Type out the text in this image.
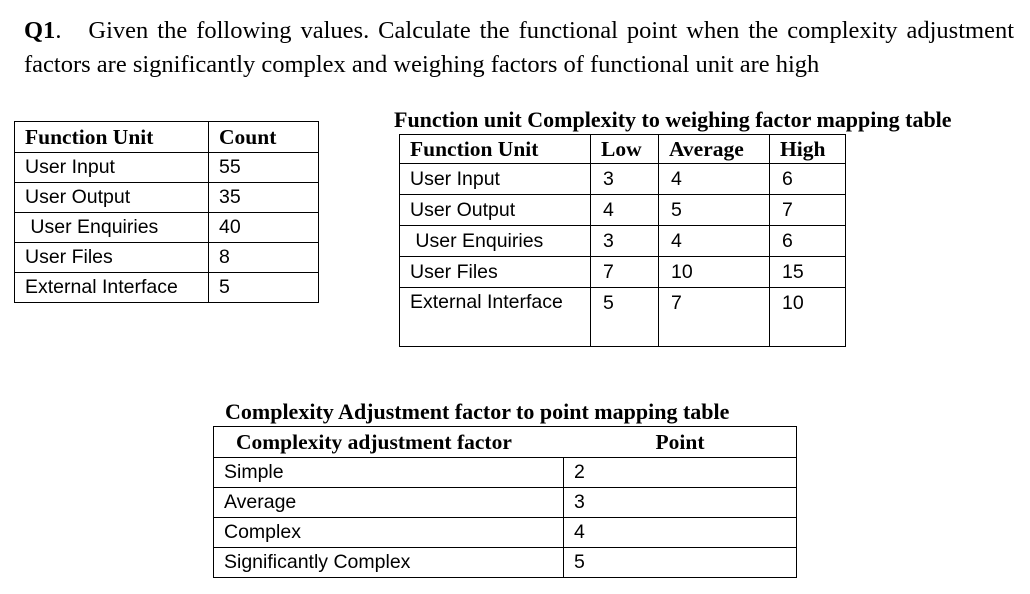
Q1.   Given the following values. Calculate the functional point when the complexity adjustment factors are significantly complex and weighing factors of functional unit are high
Function Unit	Count
User Input	55
User Output	35
User Enquiries	40
User Files	8
External Interface	5
Function unit Complexity to weighing factor mapping table
Function Unit	Low	Average	High
User Input	3	4	6
User Output	4	5	7
User Enquiries	3	4	6
User Files	7	10	15
External Interface	5	7	10
Complexity Adjustment factor to point mapping table
Complexity adjustment factor Point	

Simple	2
Average	3
Complex	4
Significantly Complex	5
